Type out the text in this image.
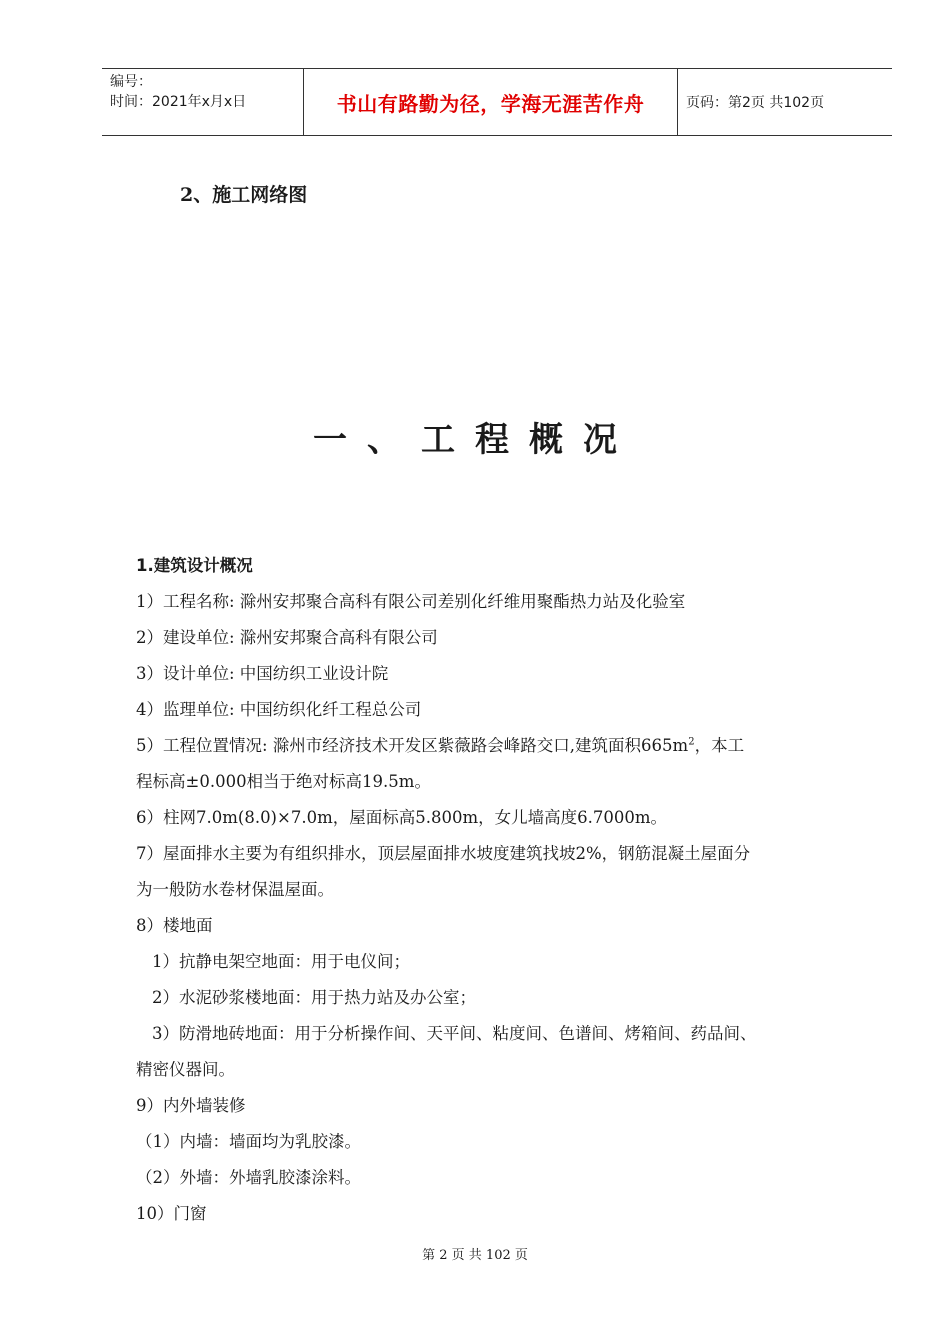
编号：
时间：2021年x月x日	书山有路勤为径，学海无涯苦作舟	页码：第2页 共102页
2、施工网络图
一、工程概况

1.建筑设计概况

1）工程名称: 滁州安邦聚合高科有限公司差别化纤维用聚酯热力站及化验室

2）建设单位: 滁州安邦聚合高科有限公司

3）设计单位: 中国纺织工业设计院

4）监理单位: 中国纺织化纤工程总公司

5）工程位置情况: 滁州市经济技术开发区紫薇路会峰路交口,建筑面积$665m^2$，本工

程标高±0.000相当于绝对标高19.5m。

6）柱网7.0m(8.0)×7.0m，屋面标高5.800m，女儿墙高度6.7000m。

7）屋面排水主要为有组织排水，顶层屋面排水坡度建筑找坡2%，钢筋混凝土屋面分

为一般防水卷材保温屋面。

8）楼地面

1）抗静电架空地面：用于电仪间；

2）水泥砂浆楼地面：用于热力站及办公室；

3）防滑地砖地面：用于分析操作间、天平间、粘度间、色谱间、烤箱间、药品间、

精密仪器间。

9）内外墙装修

（1）内墙：墙面均为乳胶漆。

（2）外墙：外墙乳胶漆涂料。

10）门窗

第 2 页 共 102 页
